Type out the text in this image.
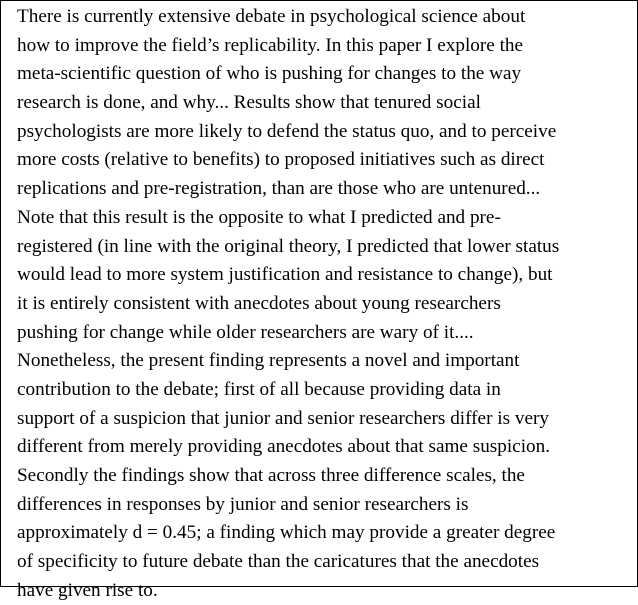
There is currently extensive debate in psychological science about
how to improve the field’s replicability. In this paper I explore the
meta-scientific question of who is pushing for changes to the way
research is done, and why... Results show that tenured social
psychologists are more likely to defend the status quo, and to perceive
more costs (relative to benefits) to proposed initiatives such as direct
replications and pre-registration, than are those who are untenured...
Note that this result is the opposite to what I predicted and pre-
registered (in line with the original theory, I predicted that lower status
would lead to more system justification and resistance to change), but
it is entirely consistent with anecdotes about young researchers
pushing for change while older researchers are wary of it....
Nonetheless, the present finding represents a novel and important
contribution to the debate; first of all because providing data in
support of a suspicion that junior and senior researchers differ is very
different from merely providing anecdotes about that same suspicion.
Secondly the findings show that across three difference scales, the
differences in responses by junior and senior researchers is
approximately d = 0.45; a finding which may provide a greater degree
of specificity to future debate than the caricatures that the anecdotes
have given rise to.
